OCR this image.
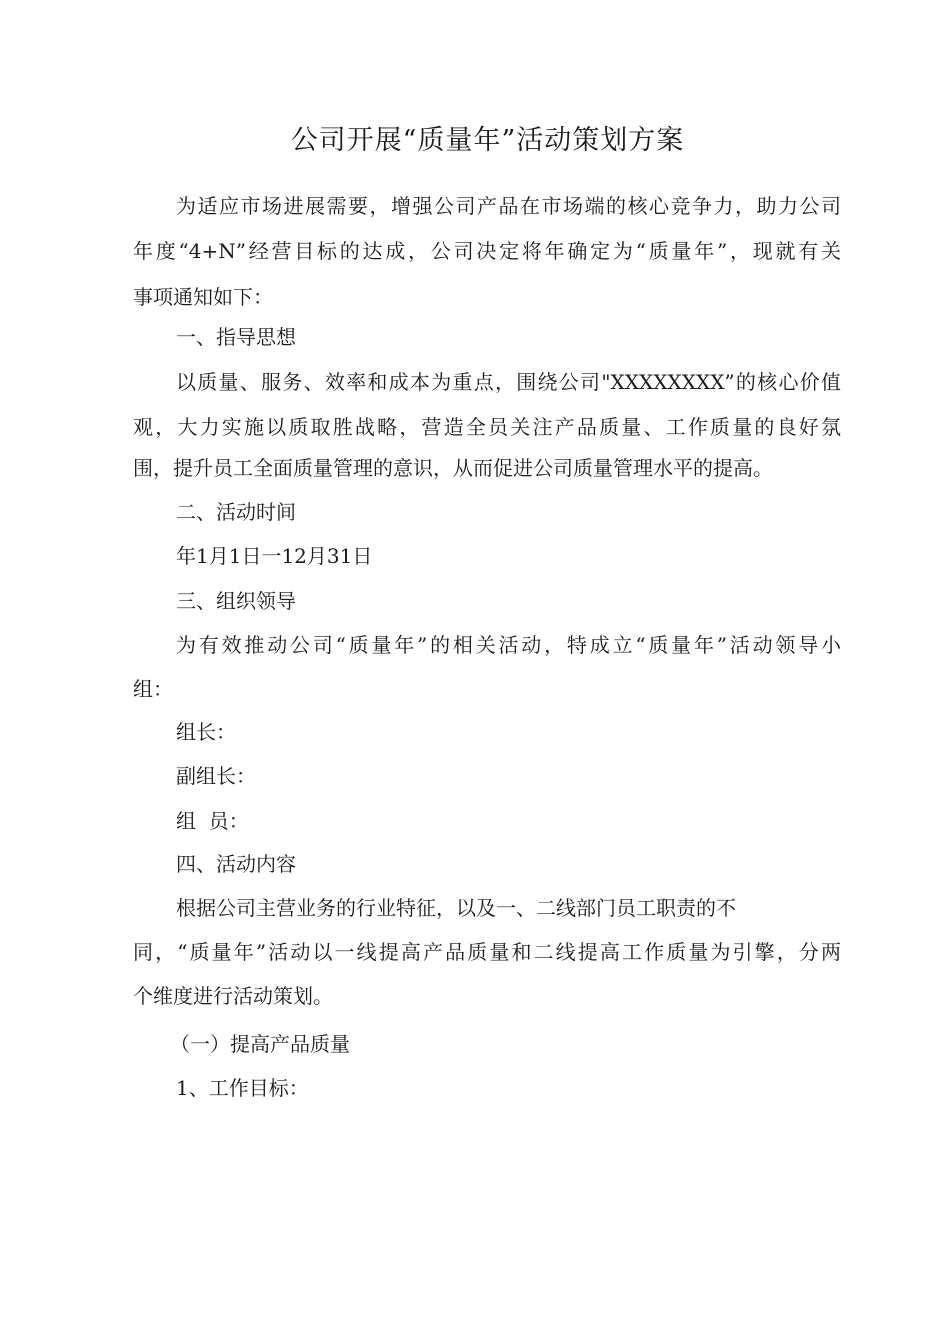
公司开展“质量年”活动策划方案
为适应市场进展需要，增强公司产品在市场端的核心竞争力，助力公司
年度“4+N”经营目标的达成，公司决定将年确定为“质量年”，现就有关
事项通知如下：
一、指导思想
以质量、服务、效率和成本为重点，围绕公司"XXXXXXXX”的核心价值
观，大力实施以质取胜战略，营造全员关注产品质量、工作质量的良好氛
围，提升员工全面质量管理的意识，从而促进公司质量管理水平的提高。
二、活动时间
年1月1日一12月31日
三、组织领导
为有效推动公司“质量年”的相关活动，特成立“质量年”活动领导小
组：
组长：
副组长：
组  员：
四、活动内容
根据公司主营业务的行业特征，以及一、二线部门员工职责的不
同，“质量年”活动以一线提高产品质量和二线提高工作质量为引擎，分两
个维度进行活动策划。
（一）提高产品质量
1、工作目标：
